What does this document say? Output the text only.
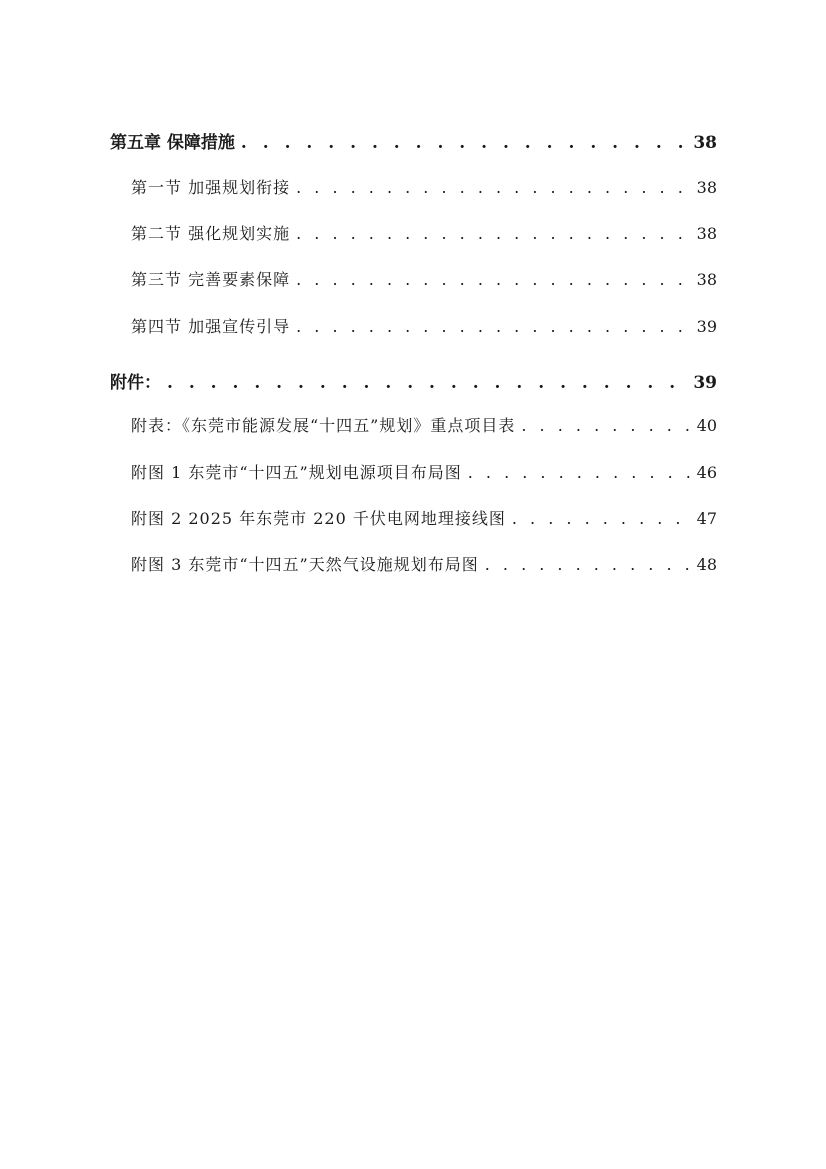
第五章 保障措施 . . .	38
第一节 加强规划衔接 . . .	38
第二节 强化规划实施 . . .	38
第三节 完善要素保障 . . .	38
第四节 加强宣传引导 . . .	39
附件： . . .	39
附表：《东莞市能源发展“十四五”规划》重点项目表 . . .	40
附图 1 东莞市“十四五”规划电源项目布局图 . . .	46
附图 2 2025 年东莞市 220 千伏电网地理接线图 . . .	47
附图 3 东莞市“十四五”天然气设施规划布局图 . . .	48
